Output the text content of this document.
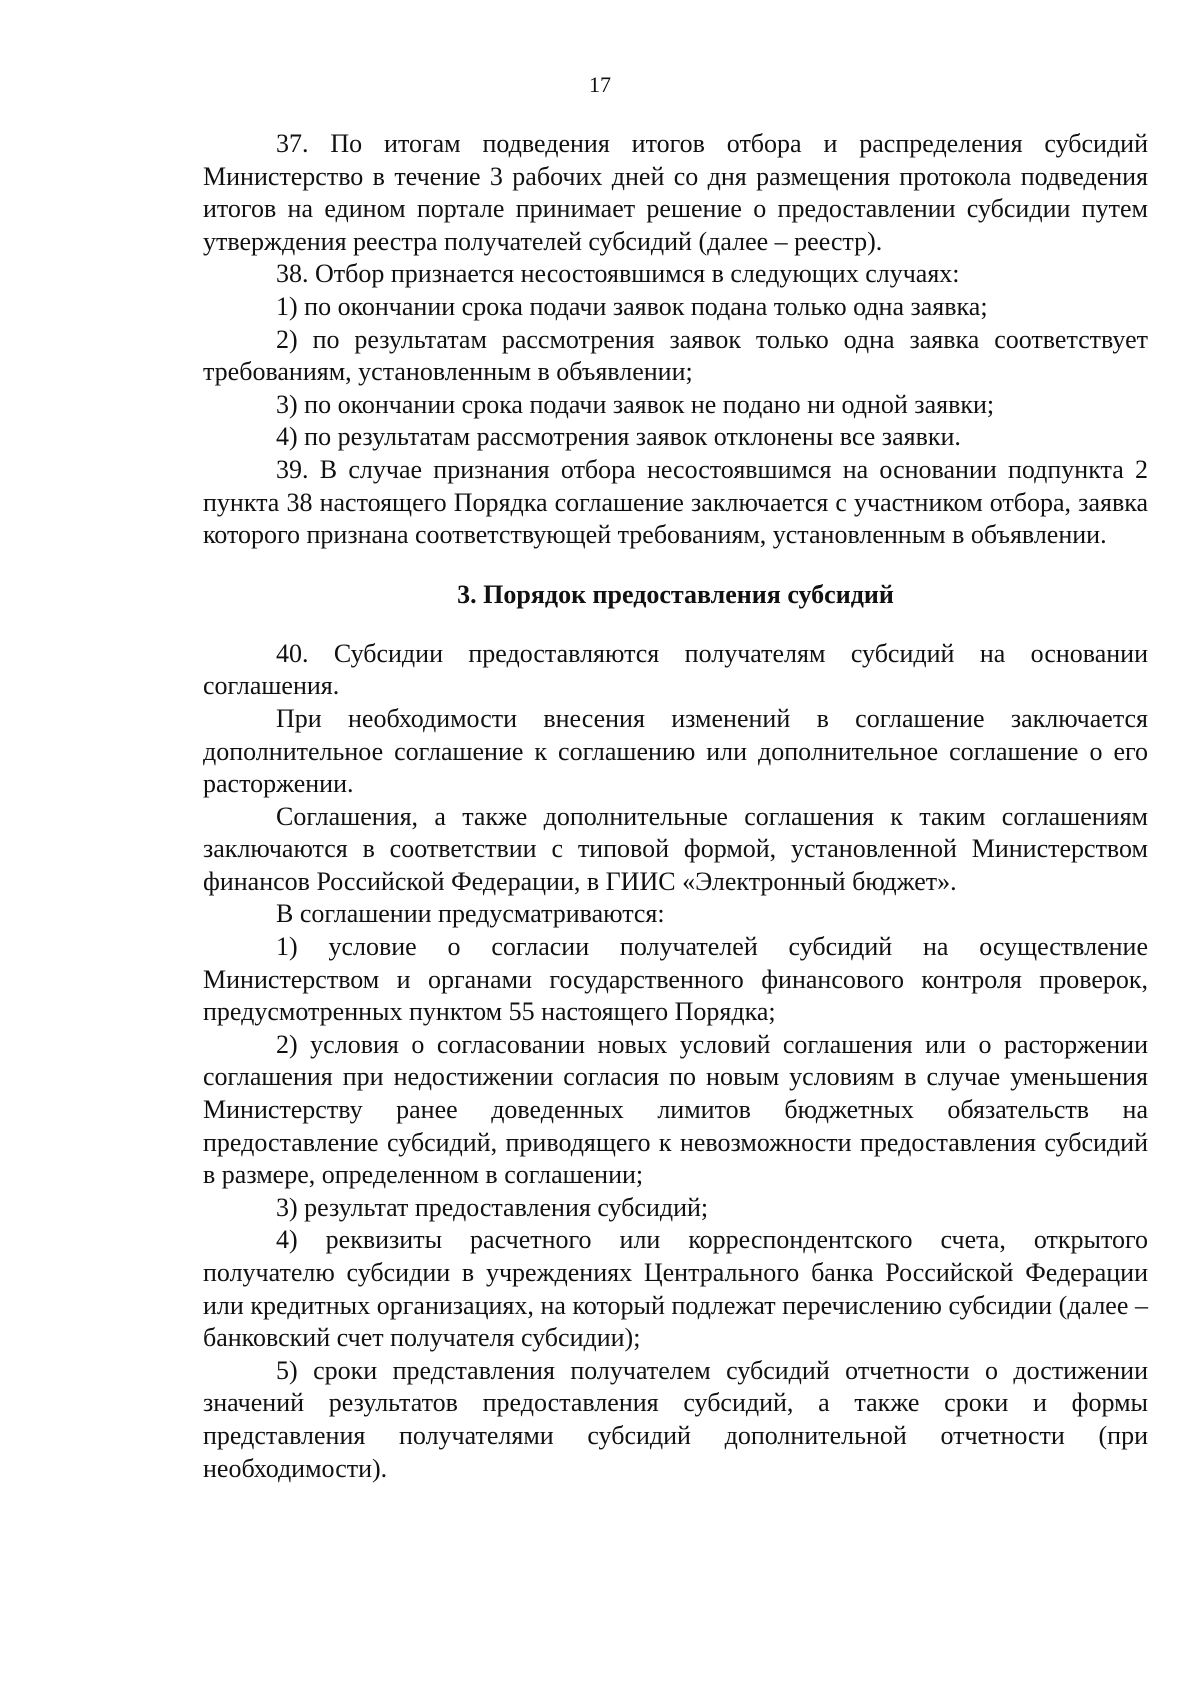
17

37. По итогам подведения итогов отбора и распределения субсидий Министерство в течение 3 рабочих дней со дня размещения протокола подведения итогов на едином портале принимает решение о предоставлении субсидии путем утверждения реестра получателей субсидий (далее – реестр).

38. Отбор признается несостоявшимся в следующих случаях:

1) по окончании срока подачи заявок подана только одна заявка;

2) по результатам рассмотрения заявок только одна заявка соответствует требованиям, установленным в объявлении;

3) по окончании срока подачи заявок не подано ни одной заявки;

4) по результатам рассмотрения заявок отклонены все заявки.

39. В случае признания отбора несостоявшимся на основании подпункта 2 пункта 38 настоящего Порядка соглашение заключается с участником отбора, заявка которого признана соответствующей требованиям, установленным в объявлении.

3. Порядок предоставления субсидий

40. Субсидии предоставляются получателям субсидий на основании соглашения.

При необходимости внесения изменений в соглашение заключается дополнительное соглашение к соглашению или дополнительное соглашение о его расторжении.

Соглашения, а также дополнительные соглашения к таким соглашениям заключаются в соответствии с типовой формой, установленной Министерством финансов Российской Федерации, в ГИИС «Электронный бюджет».

В соглашении предусматриваются:

1) условие о согласии получателей субсидий на осуществление Министерством и органами государственного финансового контроля проверок, предусмотренных пунктом 55 настоящего Порядка;

2) условия о согласовании новых условий соглашения или о расторжении соглашения при недостижении согласия по новым условиям в случае уменьшения Министерству ранее доведенных лимитов бюджетных обязательств на предоставление субсидий, приводящего к невозможности предоставления субсидий в размере, определенном в соглашении;

3) результат предоставления субсидий;

4) реквизиты расчетного или корреспондентского счета, открытого получателю субсидии в учреждениях Центрального банка Российской Федерации или кредитных организациях, на который подлежат перечислению субсидии (далее – банковский счет получателя субсидии);

5) сроки представления получателем субсидий отчетности о достижении значений результатов предоставления субсидий, а также сроки и формы представления получателями субсидий дополнительной отчетности (при необходимости).
